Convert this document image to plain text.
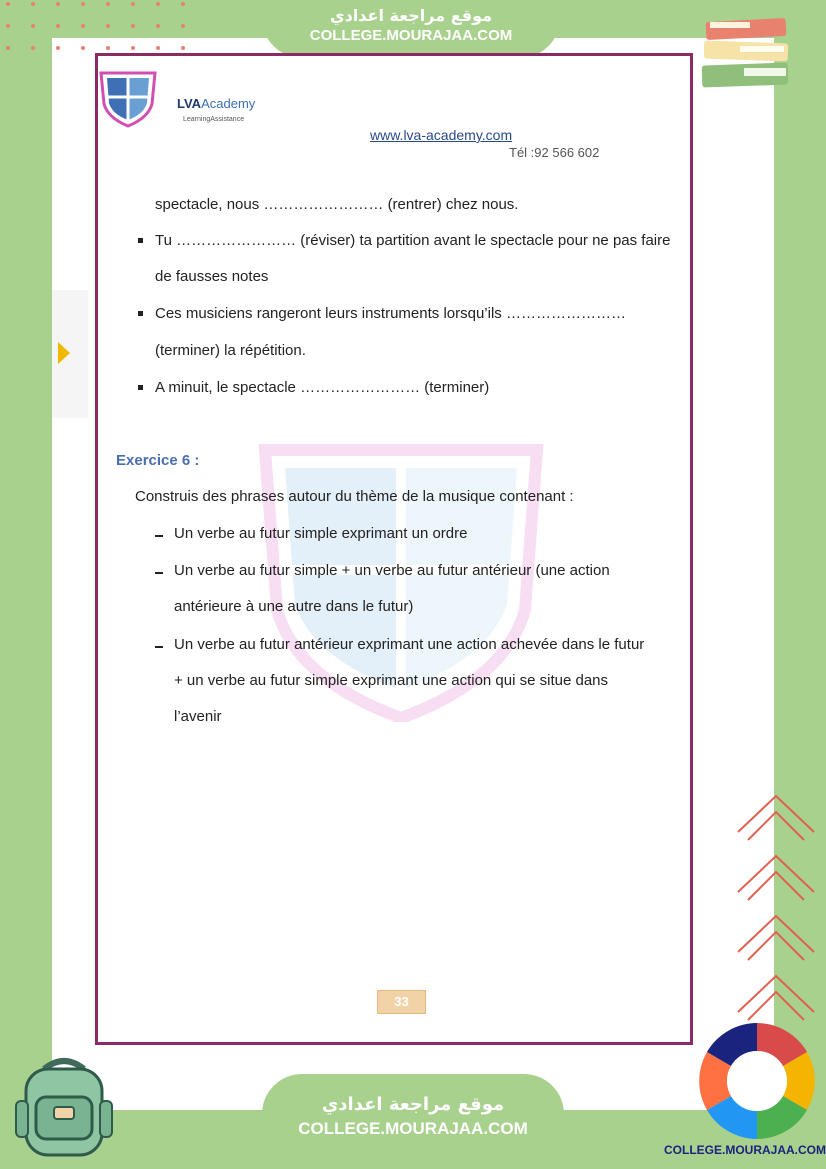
موقع مراجعة اعدادي
COLLEGE.MOURAJAA.COM
LVAAcademy
LearningAssistance
www.lva-academy.com
Tél :92 566 602
spectacle, nous …………………… (rentrer) chez nous.
Tu …………………… (réviser) ta partition avant le spectacle pour ne pas faire
de fausses notes
Ces musiciens rangeront leurs instruments lorsqu’ils ……………………
(terminer) la répétition.
A minuit, le spectacle …………………… (terminer)
Exercice 6 :
Construis des phrases autour du thème de la musique contenant :
Un verbe au futur simple exprimant un ordre
Un verbe au futur simple + un verbe au futur antérieur (une action
antérieure à une autre dans le futur)
Un verbe au futur antérieur exprimant une action achevée dans le futur
+ un verbe au futur simple exprimant une action qui se situe dans
l’avenir
33
موقع مراجعة اعدادي
COLLEGE.MOURAJAA.COM
COLLEGE.MOURAJAA.COM
